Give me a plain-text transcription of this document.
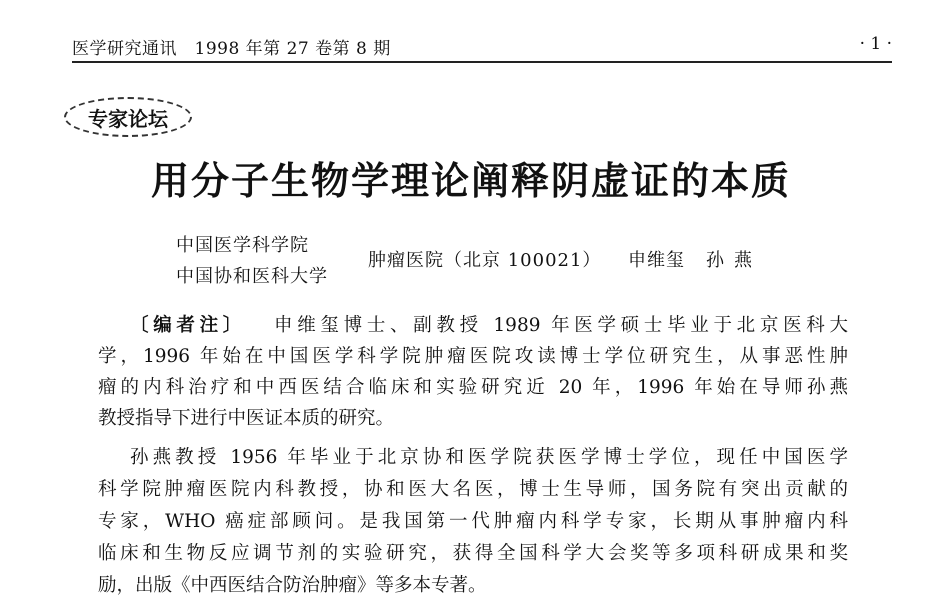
医学研究通讯　1998 年第 27 卷第 8 期	· 1 ·
专家论坛
用分子生物学理论阐释阴虚证的本质
中国医学科学院
中国协和医科大学
肿瘤医院（北京 100021） 申维玺 孙燕
〔编者注〕 申维玺博士、副教授 1989 年医学硕士毕业于北京医科大
学，1996 年始在中国医学科学院肿瘤医院攻读博士学位研究生，从事恶性肿
瘤的内科治疗和中西医结合临床和实验研究近 20 年，1996 年始在导师孙燕
教授指导下进行中医证本质的研究。
孙燕教授 1956 年毕业于北京协和医学院获医学博士学位，现任中国医学
科学院肿瘤医院内科教授，协和医大名医，博士生导师，国务院有突出贡献的
专家，WHO 癌症部顾问。是我国第一代肿瘤内科学专家，长期从事肿瘤内科
临床和生物反应调节剂的实验研究，获得全国科学大会奖等多项科研成果和奖
励，出版《中西医结合防治肿瘤》等多本专著。
